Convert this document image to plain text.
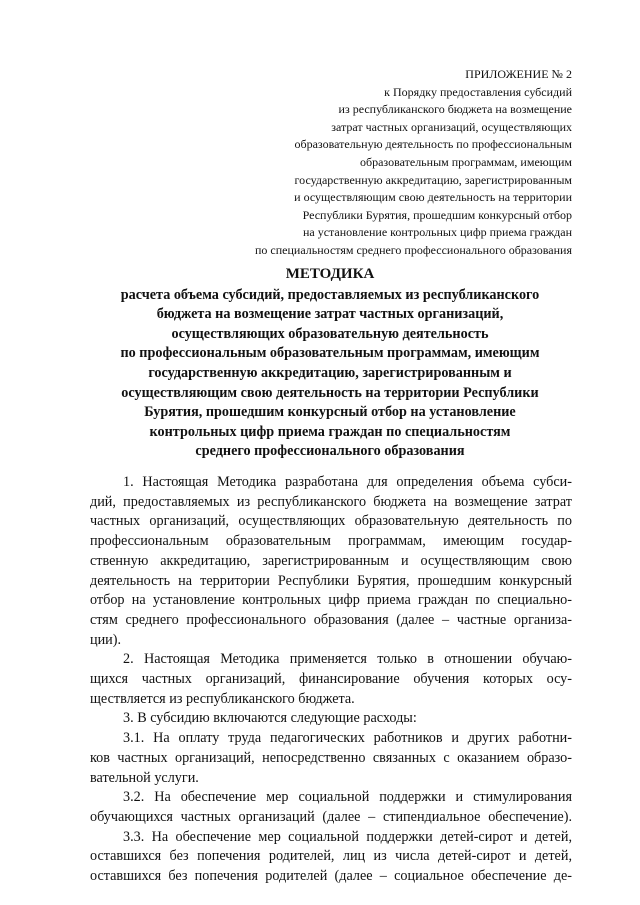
ПРИЛОЖЕНИЕ № 2
к Порядку предоставления субсидий
из республиканского бюджета на возмещение
затрат частных организаций, осуществляющих
образовательную деятельность по профессиональным
образовательным программам, имеющим
государственную аккредитацию, зарегистрированным
и осуществляющим свою деятельность на территории
Республики Бурятия, прошедшим конкурсный отбор
на установление контрольных цифр приема граждан
по специальностям среднего профессионального образования
МЕТОДИКА
расчета объема субсидий, предоставляемых из республиканского
бюджета на возмещение затрат частных организаций,
осуществляющих образовательную деятельность
по профессиональным образовательным программам, имеющим
государственную аккредитацию, зарегистрированным и
осуществляющим свою деятельность на территории Республики
Бурятия, прошедшим конкурсный отбор на установление
контрольных цифр приема граждан по специальностям
среднего профессионального образования
1. Настоящая Методика разработана для определения объема субси-
дий, предоставляемых из республиканского бюджета на возмещение затрат
частных организаций, осуществляющих образовательную деятельность по
профессиональным образовательным программам, имеющим государ-
ственную аккредитацию, зарегистрированным и осуществляющим свою
деятельность на территории Республики Бурятия, прошедшим конкурсный
отбор на установление контрольных цифр приема граждан по специально-
стям среднего профессионального образования (далее – частные организа-
ции).
2. Настоящая Методика применяется только в отношении обучаю-
щихся частных организаций, финансирование обучения которых осу-
ществляется из республиканского бюджета.
3. В субсидию включаются следующие расходы:
3.1. На оплату труда педагогических работников и других работни-
ков частных организаций, непосредственно связанных с оказанием образо-
вательной услуги.
3.2. На обеспечение мер социальной поддержки и стимулирования
обучающихся частных организаций (далее – стипендиальное обеспечение).
3.3. На обеспечение мер социальной поддержки детей-сирот и детей,
оставшихся без попечения родителей, лиц из числа детей-сирот и детей,
оставшихся без попечения родителей (далее – социальное обеспечение де-
